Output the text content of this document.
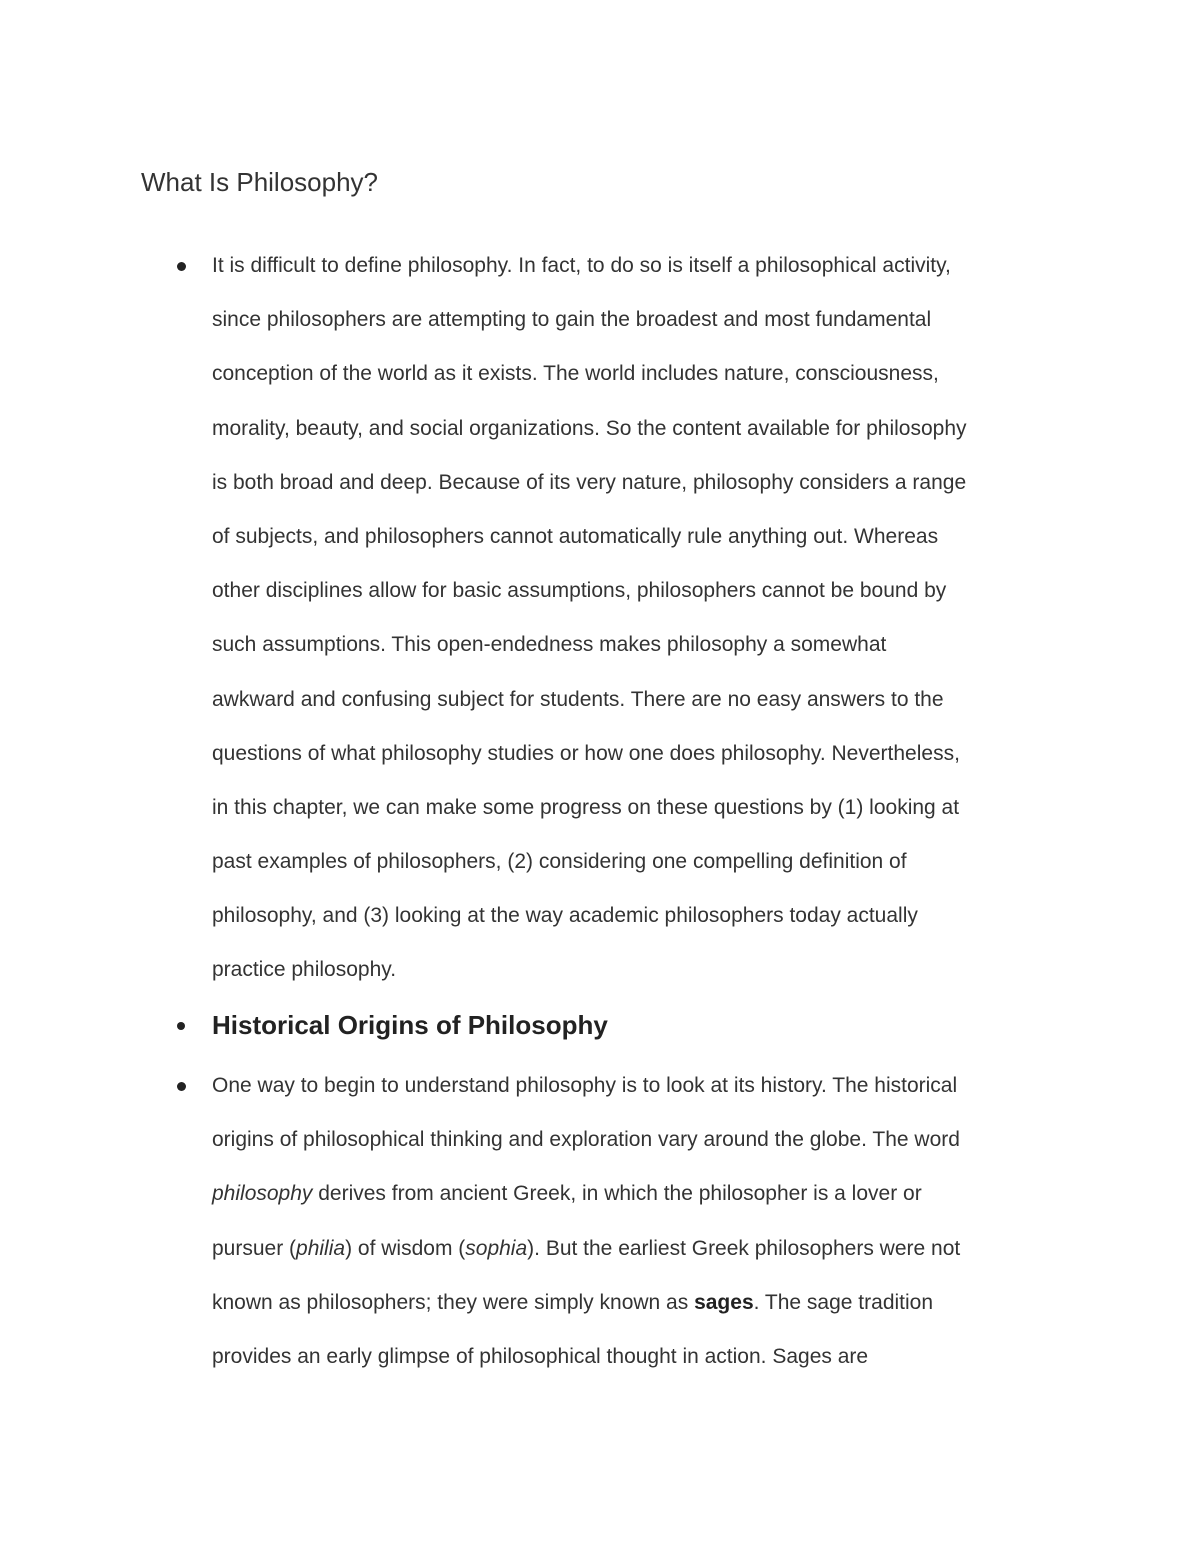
What Is Philosophy?
It is difficult to define philosophy. In fact, to do so is itself a philosophical activity,
since philosophers are attempting to gain the broadest and most fundamental
conception of the world as it exists. The world includes nature, consciousness,
morality, beauty, and social organizations. So the content available for philosophy
is both broad and deep. Because of its very nature, philosophy considers a range
of subjects, and philosophers cannot automatically rule anything out. Whereas
other disciplines allow for basic assumptions, philosophers cannot be bound by
such assumptions. This open-endedness makes philosophy a somewhat
awkward and confusing subject for students. There are no easy answers to the
questions of what philosophy studies or how one does philosophy. Nevertheless,
in this chapter, we can make some progress on these questions by (1) looking at
past examples of philosophers, (2) considering one compelling definition of
philosophy, and (3) looking at the way academic philosophers today actually
practice philosophy.
Historical Origins of Philosophy
One way to begin to understand philosophy is to look at its history. The historical
origins of philosophical thinking and exploration vary around the globe. The word
philosophy derives from ancient Greek, in which the philosopher is a lover or
pursuer (philia) of wisdom (sophia). But the earliest Greek philosophers were not
known as philosophers; they were simply known as sages. The sage tradition
provides an early glimpse of philosophical thought in action. Sages are
